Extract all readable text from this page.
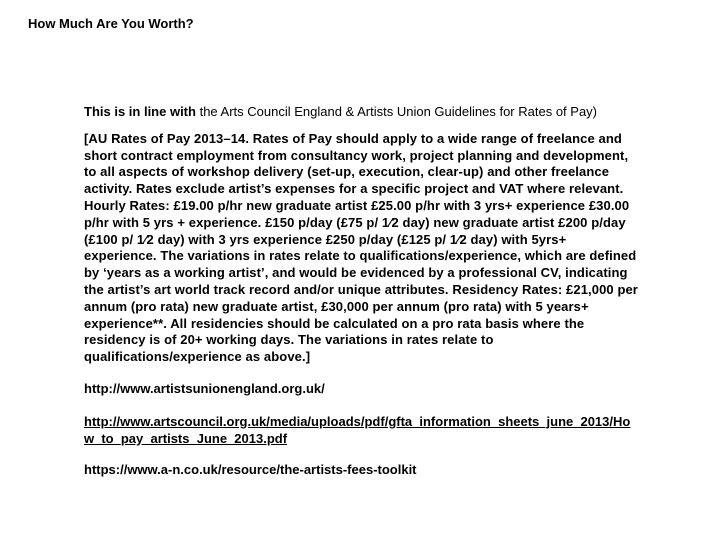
How Much Are You Worth?

This is in line with the Arts Council England & Artists Union Guidelines for Rates of Pay)

[AU Rates of Pay 2013–14. Rates of Pay should apply to a wide range of freelance and short contract employment from consultancy work, project planning and development, to all aspects of workshop delivery (set-up, execution, clear-up) and other freelance activity. Rates exclude artist’s expenses for a specific project and VAT where relevant. Hourly Rates: £19.00 p/hr new graduate artist £25.00 p/hr with 3 yrs+ experience £30.00 p/hr with 5 yrs + experience. £150 p/day (£75 p/ 1⁄2 day) new graduate artist £200 p/day (£100 p/ 1⁄2 day) with 3 yrs experience £250 p/day (£125 p/ 1⁄2 day) with 5yrs+ experience. The variations in rates relate to qualifications/experience, which are defined by ‘years as a working artist’, and would be evidenced by a professional CV, indicating the artist’s art world track record and/or unique attributes. Residency Rates: £21,000 per annum (pro rata) new graduate artist, £30,000 per annum (pro rata) with 5 years+ experience**. All residencies should be calculated on a pro rata basis where the residency is of 20+ working days. The variations in rates relate to qualifications/experience as above.]

http://www.artistsunionengland.org.uk/
http://www.artscouncil.org.uk/media/uploads/pdf/gfta_information_sheets_june_2013/How_to_pay_artists_June_2013.pdf
https://www.a-n.co.uk/resource/the-artists-fees-toolkit
